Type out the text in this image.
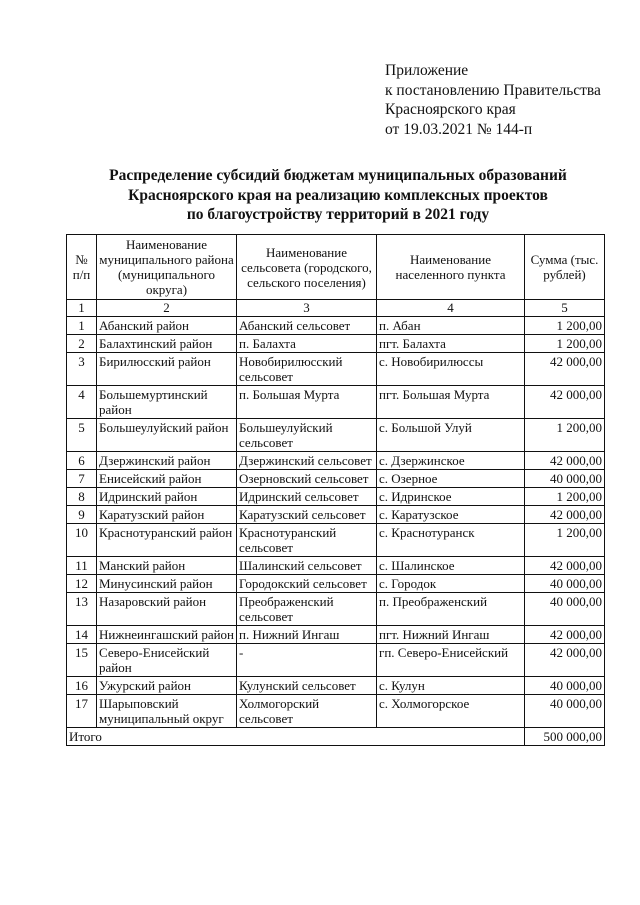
Приложение
к постановлению Правительства
Красноярского края
от 19.03.2021 № 144-п
Распределение субсидий бюджетам муниципальных образований
Красноярского края на реализацию комплексных проектов
по благоустройству территорий в 2021 году
№ п/п	Наименование муниципального района (муниципального округа)	Наименование сельсовета (городского, сельского поселения)	Наименование населенного пункта	Сумма (тыс. рублей)
1	2	3	4	5
1	Абанский район	Абанский сельсовет	п. Абан	1 200,00
2	Балахтинский район	п. Балахта	пгт. Балахта	1 200,00
3	Бирилюсский район	Новобирилюсский сельсовет	с. Новобирилюссы	42 000,00
4	Большемуртинский район	п. Большая Мурта	пгт. Большая Мурта	42 000,00
5	Большеулуйский район	Большеулуйский сельсовет	с. Большой Улуй	1 200,00
6	Дзержинский район	Дзержинский сельсовет	с. Дзержинское	42 000,00
7	Енисейский район	Озерновский сельсовет	с. Озерное	40 000,00
8	Идринский район	Идринский сельсовет	с. Идринское	1 200,00
9	Каратузский район	Каратузский сельсовет	с. Каратузское	42 000,00
10	Краснотуранский район	Краснотуранский сельсовет	с. Краснотуранск	1 200,00
11	Манский район	Шалинский сельсовет	с. Шалинское	42 000,00
12	Минусинский район	Городокский сельсовет	с. Городок	40 000,00
13	Назаровский район	Преображенский сельсовет	п. Преображенский	40 000,00
14	Нижнеингашский район	п. Нижний Ингаш	пгт. Нижний Ингаш	42 000,00
15	Северо-Енисейский район	-	гп. Северо-Енисейский	42 000,00
16	Ужурский район	Кулунский сельсовет	с. Кулун	40 000,00
17	Шарыповский муниципальный округ	Холмогорский сельсовет	с. Холмогорское	40 000,00
Итого				500 000,00
